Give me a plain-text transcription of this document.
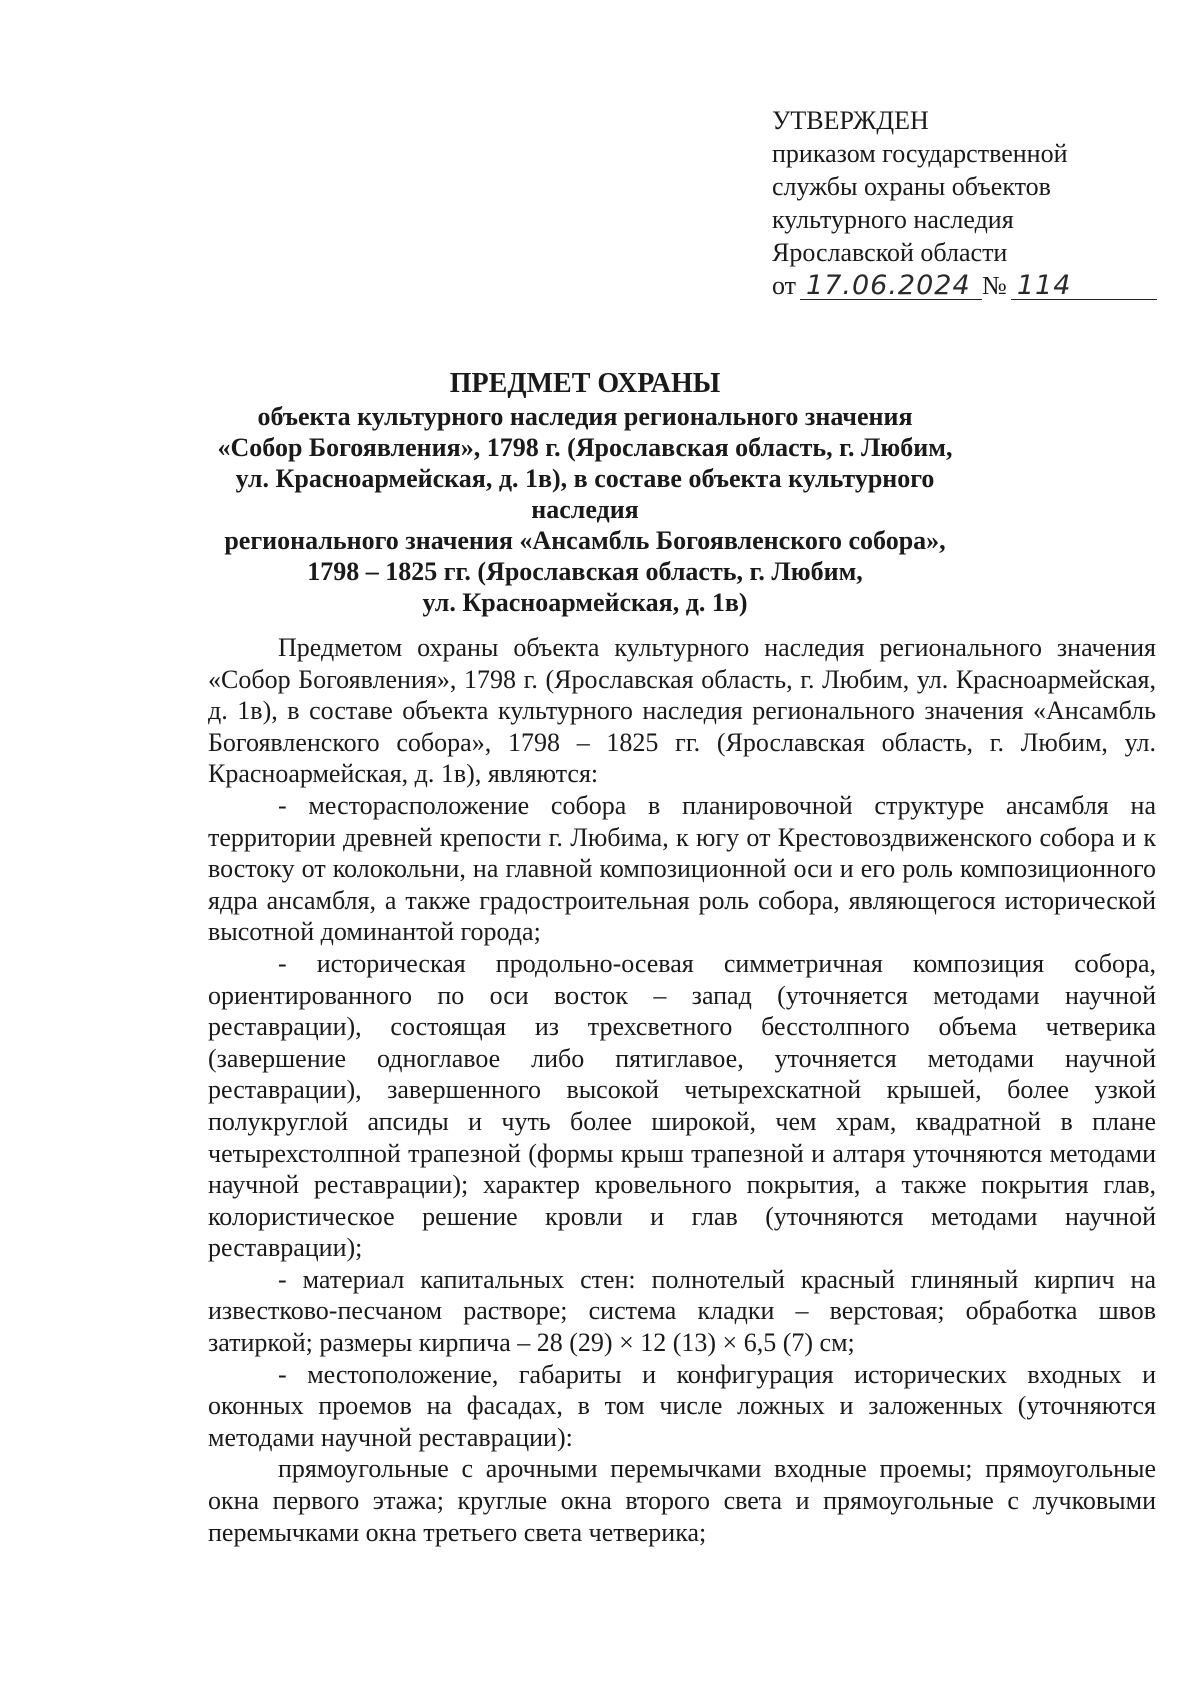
УТВЕРЖДЕН
приказом государственной
службы охраны объектов
культурного наследия
Ярославской области
от 17.06.2024 № 114
ПРЕДМЕТ ОХРАНЫ
объекта культурного наследия регионального значения
«Собор Богоявления», 1798 г. (Ярославская область, г. Любим,
ул. Красноармейская, д. 1в), в составе объекта культурного наследия
регионального значения «Ансамбль Богоявленского собора»,
1798 – 1825 гг. (Ярославская область, г. Любим,
ул. Красноармейская, д. 1в)

Предметом охраны объекта культурного наследия регионального значения «Собор Богоявления», 1798 г. (Ярославская область, г. Любим, ул. Красноармейская, д. 1в), в составе объекта культурного наследия регионального значения «Ансамбль Богоявленского собора», 1798 – 1825 гг. (Ярославская область, г. Любим, ул. Красноармейская, д. 1в), являются:

- месторасположение собора в планировочной структуре ансамбля на территории древней крепости г. Любима, к югу от Крестовоздвиженского собора и к востоку от колокольни, на главной композиционной оси и его роль композиционного ядра ансамбля, а также градостроительная роль собора, являющегося исторической высотной доминантой города;

- историческая продольно-осевая симметричная композиция собора, ориентированного по оси восток – запад (уточняется методами научной реставрации), состоящая из трехсветного бесстолпного объема четверика (завершение одноглавое либо пятиглавое, уточняется методами научной реставрации), завершенного высокой четырехскатной крышей, более узкой полукруглой апсиды и чуть более широкой, чем храм, квадратной в плане четырехстолпной трапезной (формы крыш трапезной и алтаря уточняются методами научной реставрации); характер кровельного покрытия, а также покрытия глав, колористическое решение кровли и глав (уточняются методами научной реставрации);

- материал капитальных стен: полнотелый красный глиняный кирпич на известково-песчаном растворе; система кладки – верстовая; обработка швов затиркой; размеры кирпича – 28 (29) × 12 (13) × 6,5 (7) см;

- местоположение, габариты и конфигурация исторических входных и оконных проемов на фасадах, в том числе ложных и заложенных (уточняются методами научной реставрации):

прямоугольные с арочными перемычками входные проемы; прямоугольные окна первого этажа; круглые окна второго света и прямоугольные с лучковыми перемычками окна третьего света четверика;
